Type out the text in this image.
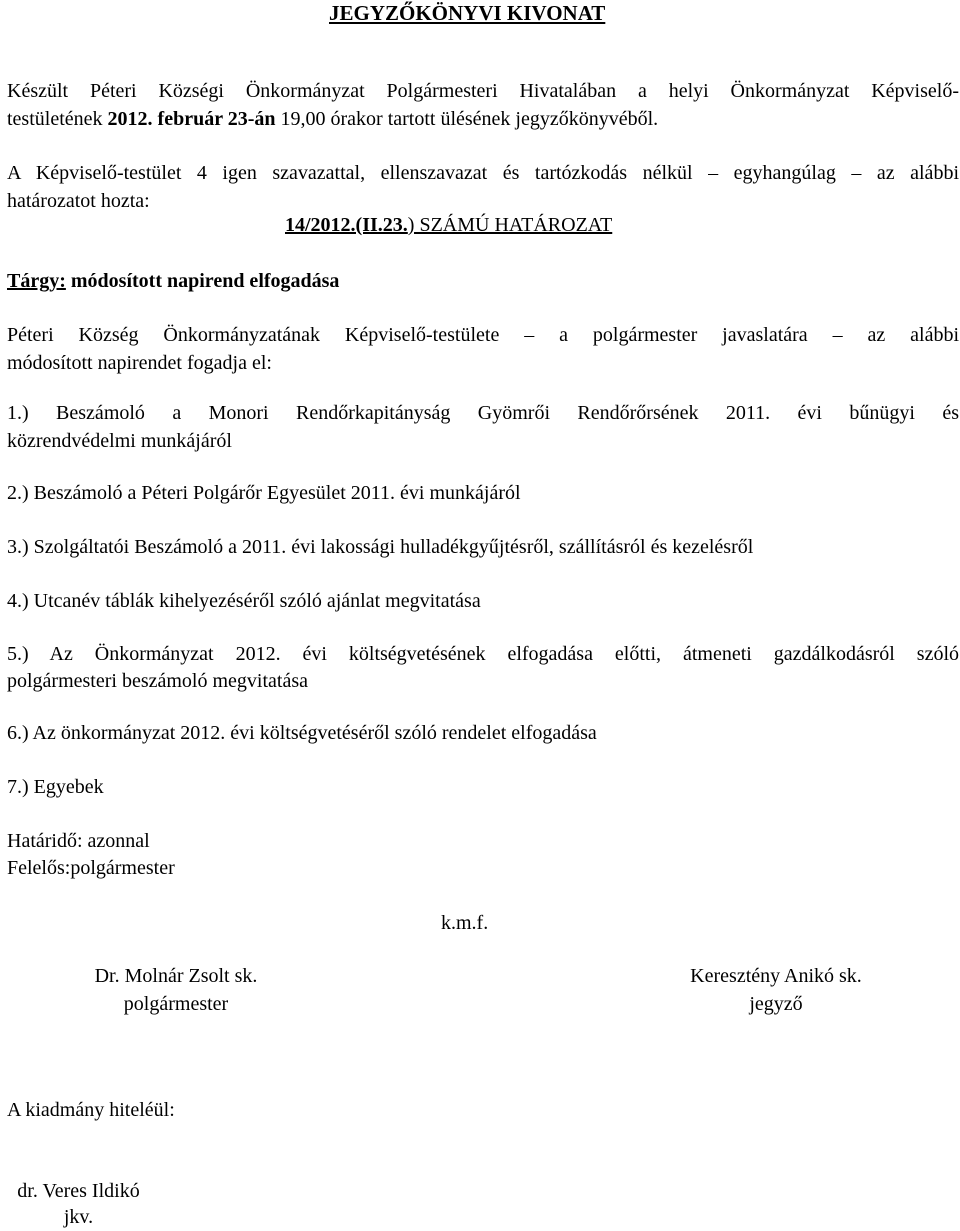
JEGYZŐKÖNYVI KIVONAT
Készült Péteri Községi Önkormányzat Polgármesteri Hivatalában a helyi Önkormányzat Képviselő-
testületének 2012. február 23-án 19,00 órakor tartott ülésének jegyzőkönyvéből.
A Képviselő-testület 4 igen szavazattal, ellenszavazat és tartózkodás nélkül – egyhangúlag – az alábbi
határozatot hozta:
14/2012.(II.23.) SZÁMÚ HATÁROZAT
Tárgy: módosított napirend elfogadása
Péteri Község Önkormányzatának Képviselő-testülete – a polgármester javaslatára – az alábbi
módosított napirendet fogadja el:
1.) Beszámoló a Monori Rendőrkapitányság Gyömrői Rendőrőrsének 2011. évi bűnügyi és
közrendvédelmi munkájáról
2.) Beszámoló a Péteri Polgárőr Egyesület 2011. évi munkájáról
3.) Szolgáltatói Beszámoló a 2011. évi lakossági hulladékgyűjtésről, szállításról és kezelésről
4.) Utcanév táblák kihelyezéséről szóló ajánlat megvitatása
5.) Az Önkormányzat 2012. évi költségvetésének elfogadása előtti, átmeneti gazdálkodásról szóló
polgármesteri beszámoló megvitatása
6.) Az önkormányzat 2012. évi költségvetéséről szóló rendelet elfogadása
7.) Egyebek
Határidő: azonnal
Felelős:polgármester
k.m.f.
Dr. Molnár Zsolt sk.
polgármester
Keresztény Anikó sk.
jegyző
A kiadmány hiteléül:
dr. Veres Ildikó
jkv.
